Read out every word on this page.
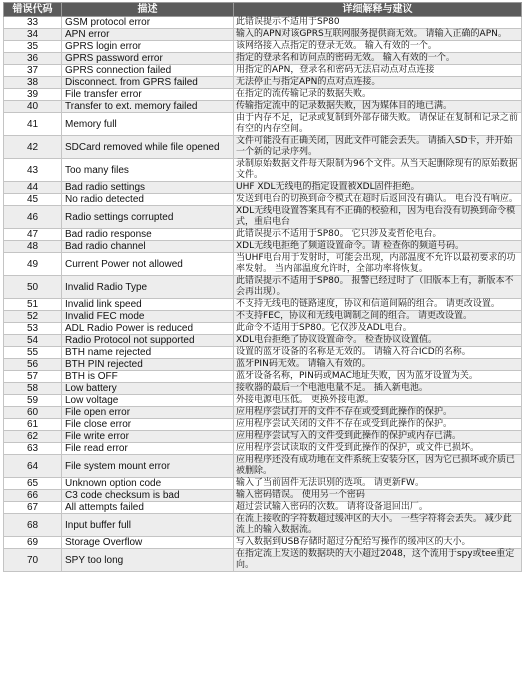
错误代码	描述	详细解释与建议
33	GSM protocol error	此错误提示不适用于SP80
34	APN error	输入的APN对该GPRS互联网服务提供商无效。 请输入正确的APN。
35	GPRS login error	该网络接入点指定的登录无效。 输入有效的一个。
36	GPRS password error	指定的登录名和访问点的密码无效。 输入有效的一个。
37	GPRS connection failed	用指定的APN，登录名和密码无法启动点对点连接
38	Disconnect. from GPRS failed	无法停止与指定APN的点对点连接。
39	File transfer error	在指定的流传输记录的数据失败。
40	Transfer to ext. memory failed	传输指定流中的记录数据失败，因为媒体目的地已满。
41	Memory full	由于内存不足，记录或复制到外部存储失败。 请保证在复制和记录之前有空的内存空间。
42	SDCard removed while file opened	文件可能没有正确关闭，因此文件可能会丢失。 请插入SD卡，并开始一个新的记录序列。
43	Too many files	录制原始数据文件每天限制为96个文件。从当天起删除现有的原始数据文件。
44	Bad radio settings	UHF XDL无线电的指定设置被XDL固件拒绝。
45	No radio detected	发送到电台的切换到命令模式在超时后返回没有确认。 电台没有响应。
46	Radio settings corrupted	XDL无线电设置答案具有不正确的校验和，因为电台没有切换到命令模式，重启电台
47	Bad radio response	此错误提示不适用于SP80。 它只涉及麦哲伦电台。
48	Bad radio channel	XDL无线电拒绝了频道设置命令。请 检查你的频道号码。
49	Current Power not allowed	当UHF电台用于发射时，可能会出现，内部温度不允许以最初要求的功率发射。 当内部温度允许时，全部功率将恢复。
50	Invalid Radio Type	此错误提示不适用于SP80。 报警已经过时了（旧版本上有，新版本不会再出现）。
51	Invalid link speed	不支持无线电的链路速度，协议和信道间隔的组合。 请更改设置。
52	Invalid FEC mode	不支持FEC，协议和无线电调制之间的组合。 请更改设置。
53	ADL Radio Power is reduced	此命令不适用于SP80。它仅涉及ADL电台。
54	Radio Protocol not supported	XDL电台拒绝了协议设置命令。 检查协议设置值。
55	BTH name rejected	设置的蓝牙设备的名称是无效的。 请输入符合ICD的名称。
56	BTH PIN rejected	蓝牙PIN码无效。 请输入有效的。
57	BTH is OFF	蓝牙设备名称，PIN码或MAC地址失败，因为蓝牙设置为关。
58	Low battery	接收器的最后一个电池电量不足。 插入新电池。
59	Low voltage	外接电源电压低。 更换外接电源。
60	File open error	应用程序尝试打开的文件不存在或受到此操作的保护。
61	File close error	应用程序尝试关闭的文件不存在或受到此操作的保护。
62	File write error	应用程序尝试写入的文件受到此操作的保护或内存已满。
63	File read error	应用程序尝试读取的文件受到此操作的保护，或文件已损坏。
64	File system mount error	应用程序还没有成功地在文件系统上安装分区，因为它已损坏或介质已被删除。
65	Unknown option code	输入了当前固件无法识别的选项。 请更新FW。
66	C3 code checksum is bad	输入密码错误。 使用另一个密码
67	All attempts failed	超过尝试输入密码的次数。 请将设备退回出厂。
68	Input buffer full	在流上接收的字符数超过缓冲区的大小。 一些字符将会丢失。 减少此流上的输入数据流。
69	Storage Overflow	写入数据到USB存储时超过分配给写操作的缓冲区的大小。
70	SPY too long	在指定流上发送的数据块的大小超过2048，这个流用于spy或tee重定向。
